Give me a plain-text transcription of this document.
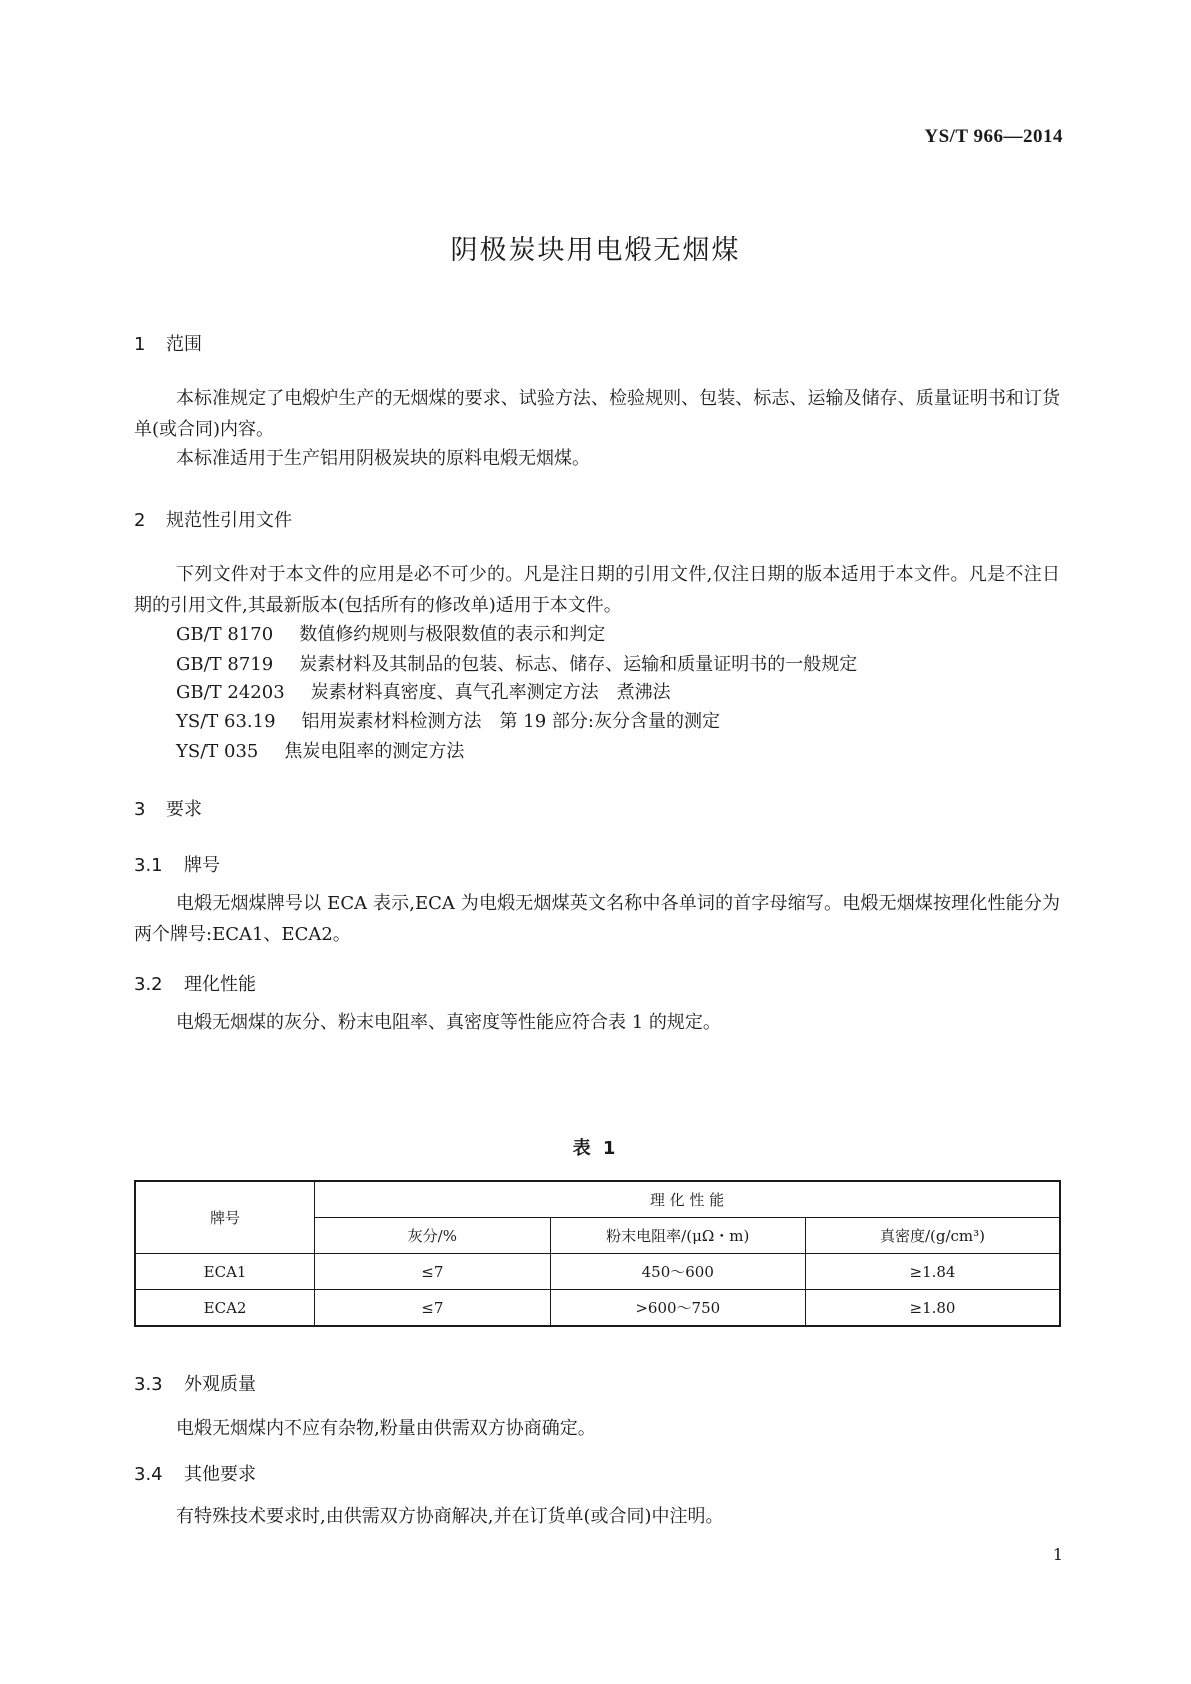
YS/T 966—2014
阴极炭块用电煅无烟煤
1 范围
本标准规定了电煅炉生产的无烟煤的要求、试验方法、检验规则、包装、标志、运输及储存、质量证明书和订货单(或合同)内容。
本标准适用于生产铝用阴极炭块的原料电煅无烟煤。
2 规范性引用文件
下列文件对于本文件的应用是必不可少的。凡是注日期的引用文件,仅注日期的版本适用于本文件。凡是不注日期的引用文件,其最新版本(包括所有的修改单)适用于本文件。
GB/T 8170 数值修约规则与极限数值的表示和判定
GB/T 8719 炭素材料及其制品的包装、标志、储存、运输和质量证明书的一般规定
GB/T 24203 炭素材料真密度、真气孔率测定方法　煮沸法
YS/T 63.19 铝用炭素材料检测方法　第 19 部分:灰分含量的测定
YS/T 035 焦炭电阻率的测定方法
3 要求
3.1 牌号
电煅无烟煤牌号以 ECA 表示,ECA 为电煅无烟煤英文名称中各单词的首字母缩写。电煅无烟煤按理化性能分为两个牌号:ECA1、ECA2。
3.2 理化性能
电煅无烟煤的灰分、粉末电阻率、真密度等性能应符合表 1 的规定。
表 1
牌号	理 化 性 能		
	灰分/%	粉末电阻率/(μΩ・m)	真密度/(g/cm³)
ECA1	≤7	450～600	≥1.84
ECA2	≤7	>600～750	≥1.80
3.3 外观质量
电煅无烟煤内不应有杂物,粉量由供需双方协商确定。
3.4 其他要求
有特殊技术要求时,由供需双方协商解决,并在订货单(或合同)中注明。
1
